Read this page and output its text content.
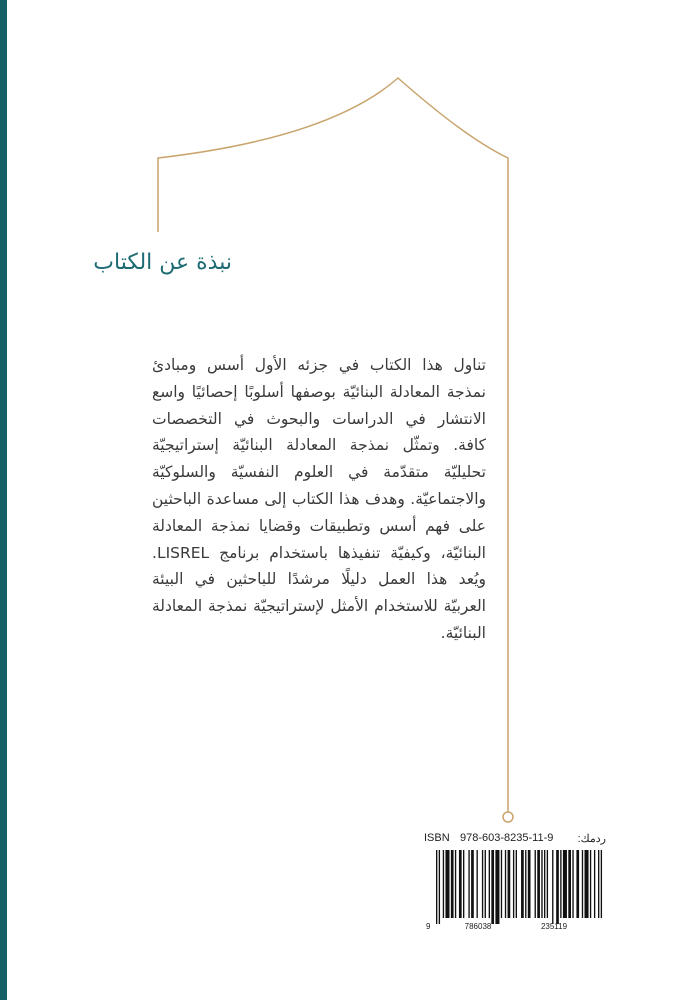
نبذة عن الكتاب
تناول هذا الكتاب في جزئه الأول أسس ومبادئ نمذجة المعادلة البنائيّة بوصفها أسلوبًا إحصائيًا واسع الانتشار في الدراسات والبحوث في التخصصات كافة. وتمثّل نمذجة المعادلة البنائيّة إستراتيجيّة تحليليّة متقدّمة في العلوم النفسيّة والسلوكيّة والاجتماعيّة. وهدف هذا الكتاب إلى مساعدة الباحثين على فهم أسس وتطبيقات وقضايا نمذجة المعادلة البنائيّة، وكيفيّة تنفيذها باستخدام برنامج LISREL. ويُعد هذا العمل دليلًا مرشدًا للباحثين في البيئة العربيّة للاستخدام الأمثل لإستراتيجيّة نمذجة المعادلة البنائيّة.
ISBN 978-603-8235-11-9 ردمك:
9	786038	235119
